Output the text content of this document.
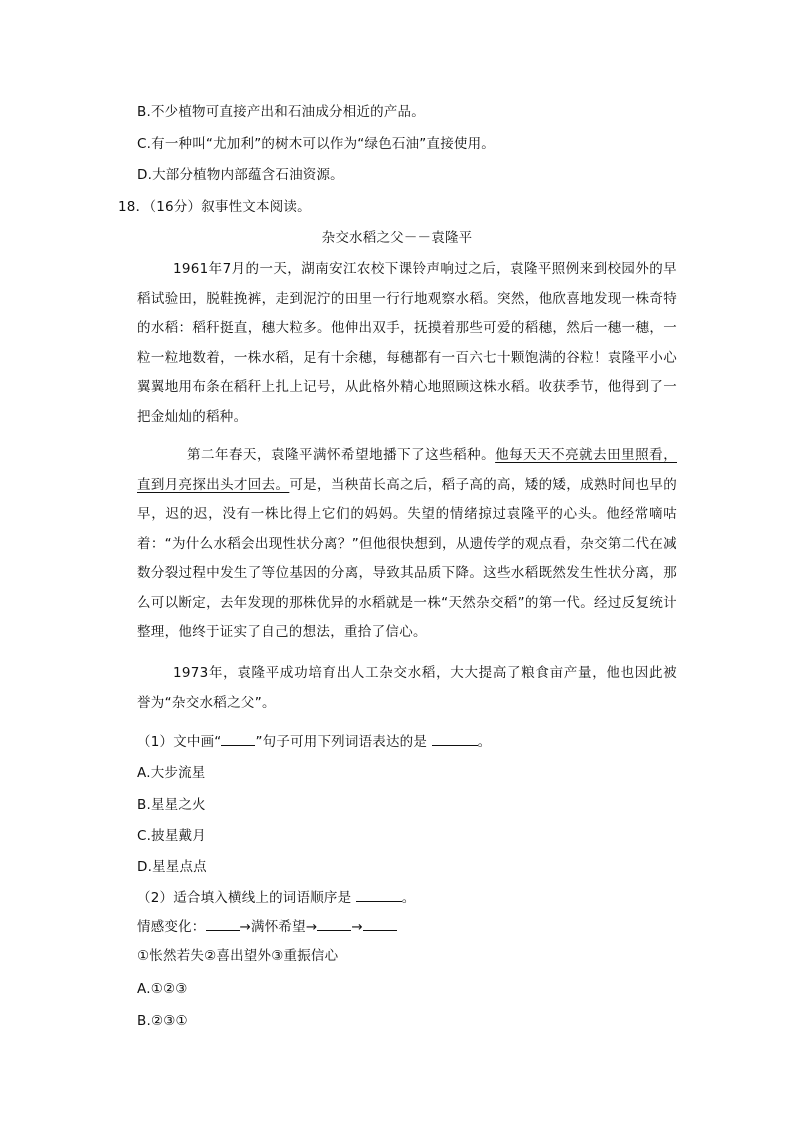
B.不少植物可直接产出和石油成分相近的产品。
C.有一种叫“尤加利”的树木可以作为“绿色石油”直接使用。
D.大部分植物内部蕴含石油资源。
18．（16分）叙事性文本阅读。
杂交水稻之父－－袁隆平
1961年7月的一天，湖南安江农校下课铃声响过之后，袁隆平照例来到校园外的早稻试验田，脱鞋挽裤，走到泥泞的田里一行行地观察水稻。突然，他欣喜地发现一株奇特的水稻：稻秆挺直，穗大粒多。他伸出双手，抚摸着那些可爱的稻穗，然后一穗一穗，一粒一粒地数着，一株水稻，足有十余穗，每穗都有一百六七十颗饱满的谷粒！袁隆平小心翼翼地用布条在稻秆上扎上记号，从此格外精心地照顾这株水稻。收获季节，他得到了一把金灿灿的稻种。
第二年春天，袁隆平满怀希望地播下了这些稻种。他每天天不亮就去田里照看，直到月亮探出头才回去。可是，当秧苗长高之后，稻子高的高，矮的矮，成熟时间也早的早，迟的迟，没有一株比得上它们的妈妈。失望的情绪掠过袁隆平的心头。他经常嘀咕着：“为什么水稻会出现性状分离？”但他很快想到，从遗传学的观点看，杂交第二代在减数分裂过程中发生了等位基因的分离，导致其品质下降。这些水稻既然发生性状分离，那么可以断定，去年发现的那株优异的水稻就是一株“天然杂交稻”的第一代。经过反复统计整理，他终于证实了自己的想法，重拾了信心。
1973年，袁隆平成功培育出人工杂交水稻，大大提高了粮食亩产量，他也因此被誉为“杂交水稻之父”。
（1）文中画“	”句子可用下列词语表达的是	。
A.大步流星
B.星星之火
C.披星戴月
D.星星点点
（2）适合填入横线上的词语顺序是	。
情感变化：	→满怀希望→	→
①怅然若失②喜出望外③重振信心
A.①②③
B.②③①
